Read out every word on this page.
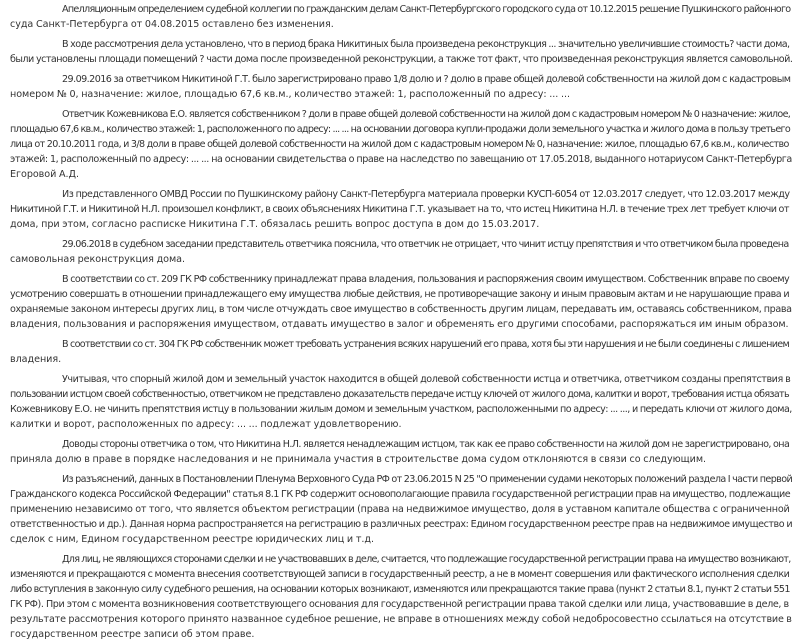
Апелляционным определением судебной коллегии по гражданским делам Санкт-Петербургского городского суда от 10.12.2015 решение Пушкинского районного
суда Санкт-Петербурга от 04.08.2015 оставлено без изменения.
В ходе рассмотрения дела установлено, что в период брака Никитиных была произведена реконструкция ... значительно увеличившие стоимость? части дома,
были установлены площади помещений ? части дома после произведенной реконструкции, а также тот факт, что произведенная реконструкция является самовольной.
29.09.2016 за ответчиком Никитиной Г.Т. было зарегистрировано право 1/8 долю и ? долю в праве общей долевой собственности на жилой дом с кадастровым
номером № 0, назначение: жилое, площадью 67,6 кв.м., количество этажей: 1, расположенный по адресу: ... ...
Ответчик Кожевникова Е.О. является собственником ? доли в праве общей долевой собственности на жилой дом с кадастровым номером № 0 назначение: жилое,
площадью 67,6 кв.м., количество этажей: 1, расположенного по адресу: ... ... на основании договора купли-продажи доли земельного участка и жилого дома в пользу третьего
лица от 20.10.2011 года, и 3/8 доли в праве общей долевой собственности на жилой дом с кадастровым номером № 0, назначение: жилое, площадью 67,6 кв.м., количество
этажей: 1, расположенный по адресу: ... ... на основании свидетельства о праве на наследство по завещанию от 17.05.2018, выданного нотариусом Санкт-Петербурга
Егоровой А.Д.
Из представленного ОМВД России по Пушкинскому району Санкт-Петербурга материала проверки КУСП-6054 от 12.03.2017 следует, что 12.03.2017 между
Никитиной Г.Т. и Никитиной Н.Л. произошел конфликт, в своих объяснениях Никитина Г.Т. указывает на то, что истец Никитина Н.Л. в течение трех лет требует ключи от
дома, при этом, согласно расписке Никитина Г.Т. обязалась решить вопрос доступа в дом до 15.03.2017.
29.06.2018 в судебном заседании представитель ответчика пояснила, что ответчик не отрицает, что чинит истцу препятствия и что ответчиком была проведена
самовольная реконструкция дома.
В соответствии со ст. 209 ГК РФ собственнику принадлежат права владения, пользования и распоряжения своим имуществом. Собственник вправе по своему
усмотрению совершать в отношении принадлежащего ему имущества любые действия, не противоречащие закону и иным правовым актам и не нарушающие права и
охраняемые законом интересы других лиц, в том числе отчуждать свое имущество в собственность другим лицам, передавать им, оставаясь собственником, права
владения, пользования и распоряжения имуществом, отдавать имущество в залог и обременять его другими способами, распоряжаться им иным образом.
В соответствии со ст. 304 ГК РФ собственник может требовать устранения всяких нарушений его права, хотя бы эти нарушения и не были соединены с лишением
владения.
Учитывая, что спорный жилой дом и земельный участок находится в общей долевой собственности истца и ответчика, ответчиком созданы препятствия в
пользовании истцом своей собственностью, ответчиком не представлено доказательств передаче истцу ключей от жилого дома, калитки и ворот, требования истца обязать
Кожевникову Е.О. не чинить препятствия истцу в пользовании жилым домом и земельным участком, расположенными по адресу: ... ..., и передать ключи от жилого дома,
калитки и ворот, расположенных по адресу: ... ... подлежат удовлетворению.
Доводы стороны ответчика о том, что Никитина Н.Л. является ненадлежащим истцом, так как ее право собственности на жилой дом не зарегистрировано, она
приняла долю в праве в порядке наследования и не принимала участия в строительстве дома судом отклоняются в связи со следующим.
Из разъяснений, данных в Постановлении Пленума Верховного Суда РФ от 23.06.2015 N 25 "О применении судами некоторых положений раздела I части первой
Гражданского кодекса Российской Федерации" статья 8.1 ГК РФ содержит основополагающие правила государственной регистрации прав на имущество, подлежащие
применению независимо от того, что является объектом регистрации (права на недвижимое имущество, доля в уставном капитале общества с ограниченной
ответственностью и др.). Данная норма распространяется на регистрацию в различных реестрах: Едином государственном реестре прав на недвижимое имущество и
сделок с ним, Едином государственном реестре юридических лиц и т.д.
Для лиц, не являющихся сторонами сделки и не участвовавших в деле, считается, что подлежащие государственной регистрации права на имущество возникают,
изменяются и прекращаются с момента внесения соответствующей записи в государственный реестр, а не в момент совершения или фактического исполнения сделки
либо вступления в законную силу судебного решения, на основании которых возникают, изменяются или прекращаются такие права (пункт 2 статьи 8.1, пункт 2 статьи 551
ГК РФ). При этом с момента возникновения соответствующего основания для государственной регистрации права такой сделки или лица, участвовавшие в деле, в
результате рассмотрения которого принято названное судебное решение, не вправе в отношениях между собой недобросовестно ссылаться на отсутствие в
государственном реестре записи об этом праве.
